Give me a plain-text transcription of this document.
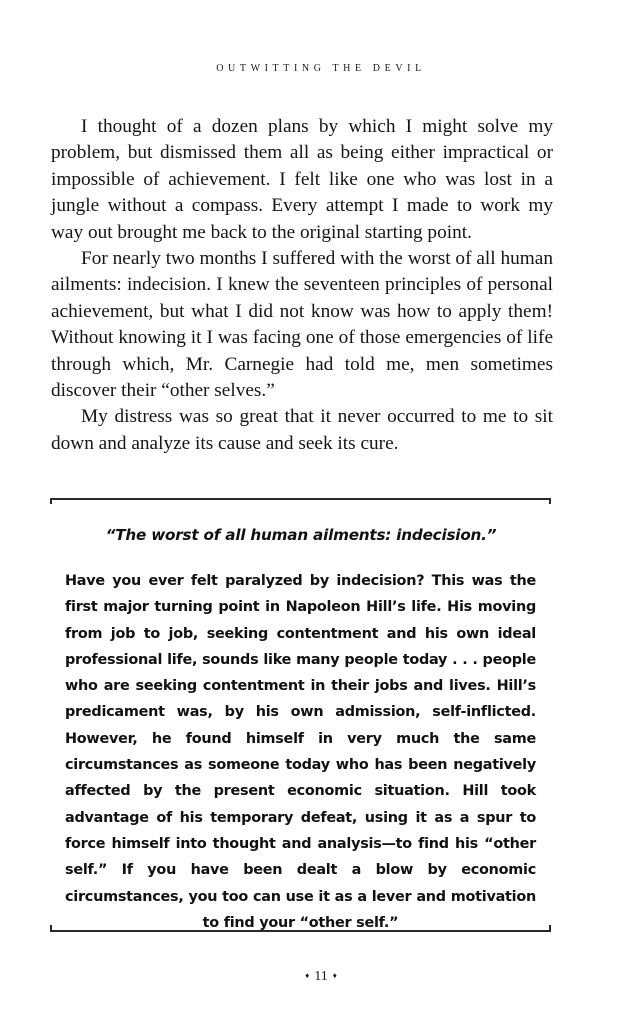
OUTWITTING THE DEVIL

I thought of a dozen plans by which I might solve my problem, but dismissed them all as being either impractical or impossible of achievement. I felt like one who was lost in a jungle without a compass. Every attempt I made to work my way out brought me back to the original starting point.

For nearly two months I suffered with the worst of all human ailments: indecision. I knew the seventeen principles of personal achievement, but what I did not know was how to apply them! Without knowing it I was facing one of those emergencies of life through which, Mr. Carnegie had told me, men sometimes discover their “other selves.”

My distress was so great that it never occurred to me to sit down and analyze its cause and seek its cure.

“The worst of all human ailments: indecision.”

Have you ever felt paralyzed by indecision? This was the first major turning point in Napoleon Hill’s life. His moving from job to job, seeking contentment and his own ideal professional life, sounds like many people today . . . people who are seeking contentment in their jobs and lives. Hill’s predicament was, by his own admission, self-inflicted. However, he found himself in very much the same circumstances as someone today who has been negatively affected by the present economic situation. Hill took advantage of his temporary defeat, using it as a spur to force himself into thought and analysis—to find his “other self.” If you have been dealt a blow by economic circumstances, you too can use it as a lever and motivation to find your “other self.”

♦ 11 ♦
